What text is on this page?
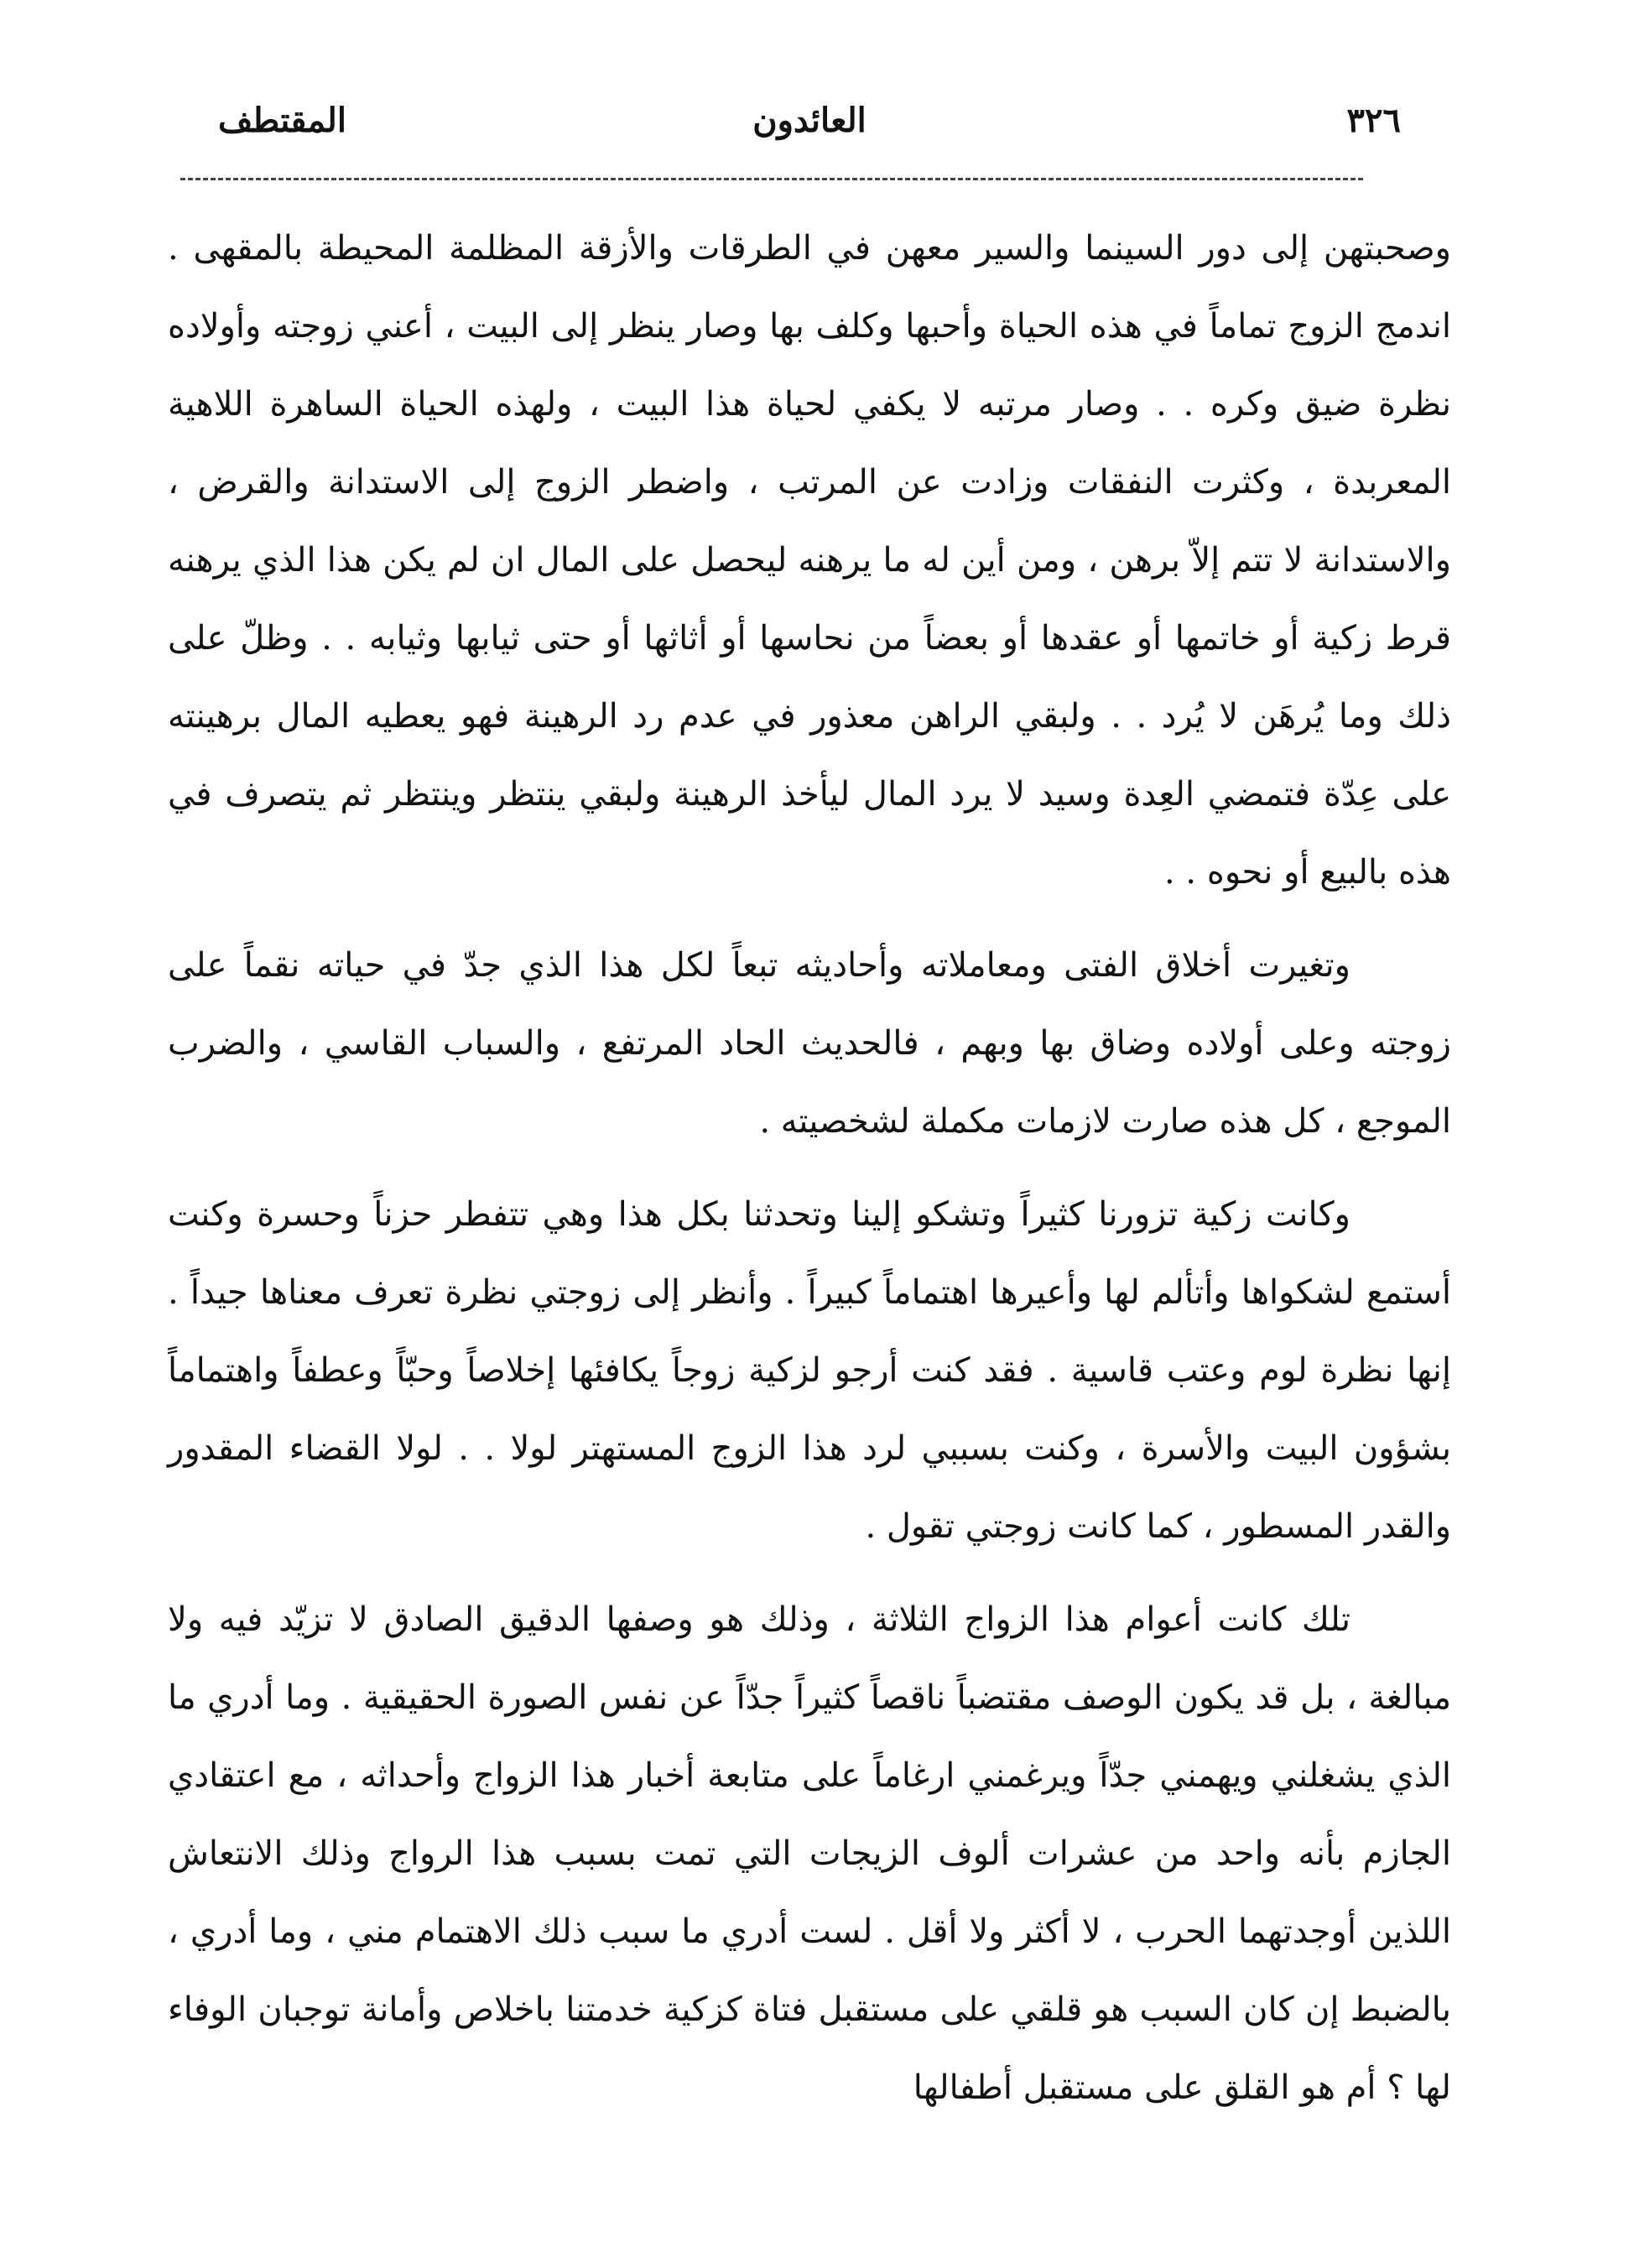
٣٢٦
العائدون
المقتطف

وصحبتهن إلى دور السينما والسير معهن في الطرقات والأزقة المظلمة المحيطة بالمقهى . اندمج الزوج تماماً في هذه الحياة وأحبها وكلف بها وصار ينظر إلى البيت ، أعني زوجته وأولاده نظرة ضيق وكره . . وصار مرتبه لا يكفي لحياة هذا البيت ، ولهذه الحياة الساهرة اللاهية المعربدة ، وكثرت النفقات وزادت عن المرتب ، واضطر الزوج إلى الاستدانة والقرض ، والاستدانة لا تتم إلاّ برهن ، ومن أين له ما يرهنه ليحصل على المال ان لم يكن هذا الذي يرهنه قرط زكية أو خاتمها أو عقدها أو بعضاً من نحاسها أو أثاثها أو حتى ثيابها وثيابه . . وظلّ على ذلك وما يُرهَن لا يُرد . . ولبقي الراهن معذور في عدم رد الرهينة فهو يعطيه المال برهينته على عِدّة فتمضي العِدة وسيد لا يرد المال ليأخذ الرهينة ولبقي ينتظر وينتظر ثم يتصرف في هذه بالبيع أو نحوه . .

وتغيرت أخلاق الفتى ومعاملاته وأحاديثه تبعاً لكل هذا الذي جدّ في حياته نقماً على زوجته وعلى أولاده وضاق بها وبهم ، فالحديث الحاد المرتفع ، والسباب القاسي ، والضرب الموجع ، كل هذه صارت لازمات مكملة لشخصيته .

وكانت زكية تزورنا كثيراً وتشكو إلينا وتحدثنا بكل هذا وهي تتفطر حزناً وحسرة وكنت أستمع لشكواها وأتألم لها وأعيرها اهتماماً كبيراً . وأنظر إلى زوجتي نظرة تعرف معناها جيداً . إنها نظرة لوم وعتب قاسية . فقد كنت أرجو لزكية زوجاً يكافئها إخلاصاً وحبّاً وعطفاً واهتماماً بشؤون البيت والأسرة ، وكنت بسببي لرد هذا الزوج المستهتر لولا . . لولا القضاء المقدور والقدر المسطور ، كما كانت زوجتي تقول .

تلك كانت أعوام هذا الزواج الثلاثة ، وذلك هو وصفها الدقيق الصادق لا تزيّد فيه ولا مبالغة ، بل قد يكون الوصف مقتضباً ناقصاً كثيراً جدّاً عن نفس الصورة الحقيقية . وما أدري ما الذي يشغلني ويهمني جدّاً ويرغمني ارغاماً على متابعة أخبار هذا الزواج وأحداثه ، مع اعتقادي الجازم بأنه واحد من عشرات ألوف الزيجات التي تمت بسبب هذا الرواج وذلك الانتعاش اللذين أوجدتهما الحرب ، لا أكثر ولا أقل . لست أدري ما سبب ذلك الاهتمام مني ، وما أدري ، بالضبط إن كان السبب هو قلقي على مستقبل فتاة كزكية خدمتنا باخلاص وأمانة توجبان الوفاء لها ؟ أم هو القلق على مستقبل أطفالها
